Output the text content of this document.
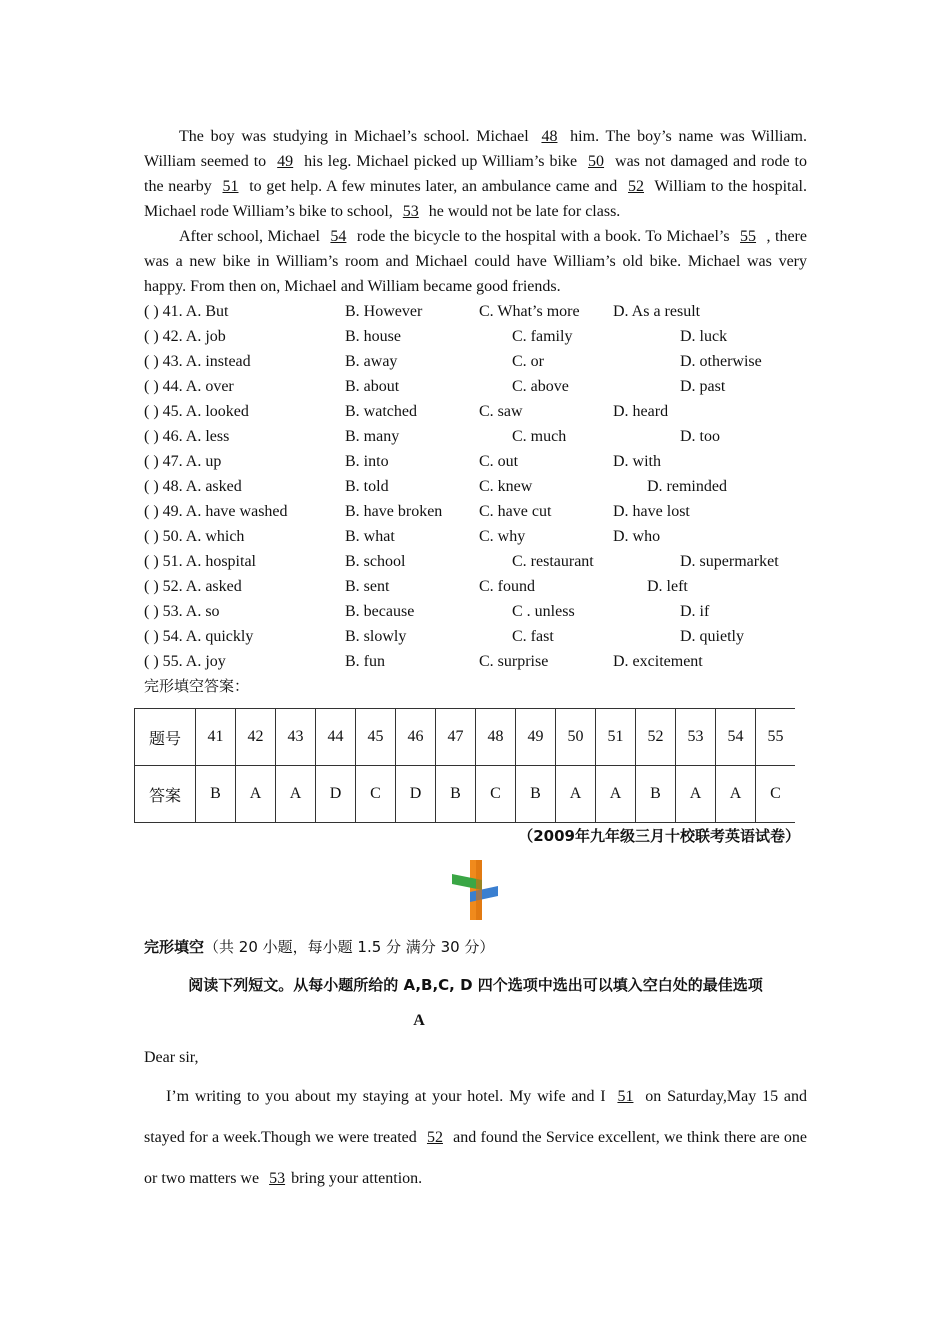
The boy was studying in Michael’s school. Michael 48 him. The boy’s name was William. William seemed to 49 his leg. Michael picked up William’s bike 50 was not damaged and rode to the nearby 51 to get help. A few minutes later, an ambulance came and 52 William to the hospital. Michael rode William’s bike to school, 53 he would not be late for class.

After school, Michael 54 rode the bicycle to the hospital with a book. To Michael’s 55 , there was a new bike in William’s room and Michael could have William’s old bike. Michael was very happy. From then on, Michael and William became good friends.

( ) 41. A. But	B. However	C. What’s more D. As a result
( ) 42. A. job	B. house	C. family	D. luck
( ) 43. A. instead	B. away	C. or	D. otherwise
( ) 44. A. over	B. about	C. above	D. past
( ) 45. A. looked	B. watched	C. saw	D. heard
( ) 46. A. less	B. many	C. much	D. too
( ) 47. A. up	B. into	C. out	D. with
( ) 48. A. asked	B. told	C. knew	D. reminded
( ) 49. A. have washed	B. have broken C. have cut	D. have lost
( ) 50. A. which	B. what	C. why	D. who
( ) 51. A. hospital	B. school	C. restaurant	D. supermarket
( ) 52. A. asked	B. sent	C. found	D. left
( ) 53. A. so	B. because	C . unless	D. if
( ) 54. A. quickly	B. slowly	C. fast	D. quietly
( ) 55. A. joy	B. fun	C. surprise	D. excitement
完形填空答案：
题号	41	42	43	44	45	46	47	48	49	50	51	52	53	54	55
答案	B	A	A	D	C	D	B	C	B	A	A	B	A	A	C
（2009年九年级三月十校联考英语试卷）
完形填空（共 20 小题，每小题 1.5 分 满分 30 分）
阅读下列短文。从每小题所给的 A,B,C, D 四个选项中选出可以填入空白处的最佳选项
A
Dear sir,

I’m writing to you about my staying at your hotel. My wife and I 51 on Saturday,May 15 and stayed for a week.Though we were treated 52 and found the Service excellent, we think there are one or two matters we 53 bring your attention.
